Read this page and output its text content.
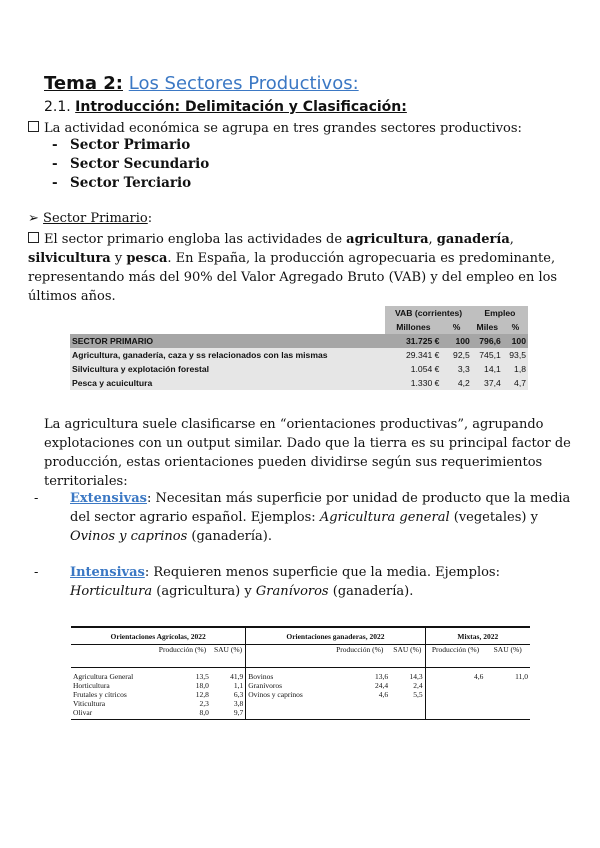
Tema 2: Los Sectores Productivos:
2.1. Introducción: Delimitación y Clasificación:
La actividad económica se agrupa en tres grandes sectores productivos:
- Sector Primario
- Sector Secundario
- Sector Terciario
➢ Sector Primario:
El sector primario engloba las actividades de agricultura, ganadería, silvicultura y pesca. En España, la producción agropecuaria es predominante, representando más del 90% del Valor Agregado Bruto (VAB) y del empleo en los últimos años.
	VAB (corrientes)		Empleo	
	Millones	%	Miles	%
SECTOR PRIMARIO	31.725 €	100	796,6	100
Agricultura, ganadería, caza y ss relacionados con las mismas	29.341 €	92,5	745,1	93,5
Silvicultura y explotación forestal	1.054 €	3,3	14,1	1,8
Pesca y acuicultura	1.330 €	4,2	37,4	4,7
La agricultura suele clasificarse en “orientaciones productivas”, agrupando explotaciones con un output similar. Dado que la tierra es su principal factor de producción, estas orientaciones pueden dividirse según sus requerimientos territoriales:
- Extensivas: Necesitan más superficie por unidad de producto que la media del sector agrario español. Ejemplos: Agricultura general (vegetales) y Ovinos y caprinos (ganadería).
- Intensivas: Requieren menos superficie que la media. Ejemplos: Horticultura (agricultura) y Granívoros (ganadería).
Orientaciones Agrícolas, 2022			Orientaciones ganaderas, 2022			Mixtas, 2022	
	Producción (%)	SAU (%)		Producción (%)	SAU (%)	Producción (%)	SAU (%)
Agricultura General	13,5	41,9	Bovinos	13,6	14,3	4,6	11,0
Horticultura	18,0	1,1	Granívoros	24,4	2,4		
Frutales y cítricos	12,8	6,3	Ovinos y caprinos	4,6	5,5		
Viticultura	2,3	3,8					
Olivar	8,0	9,7					
